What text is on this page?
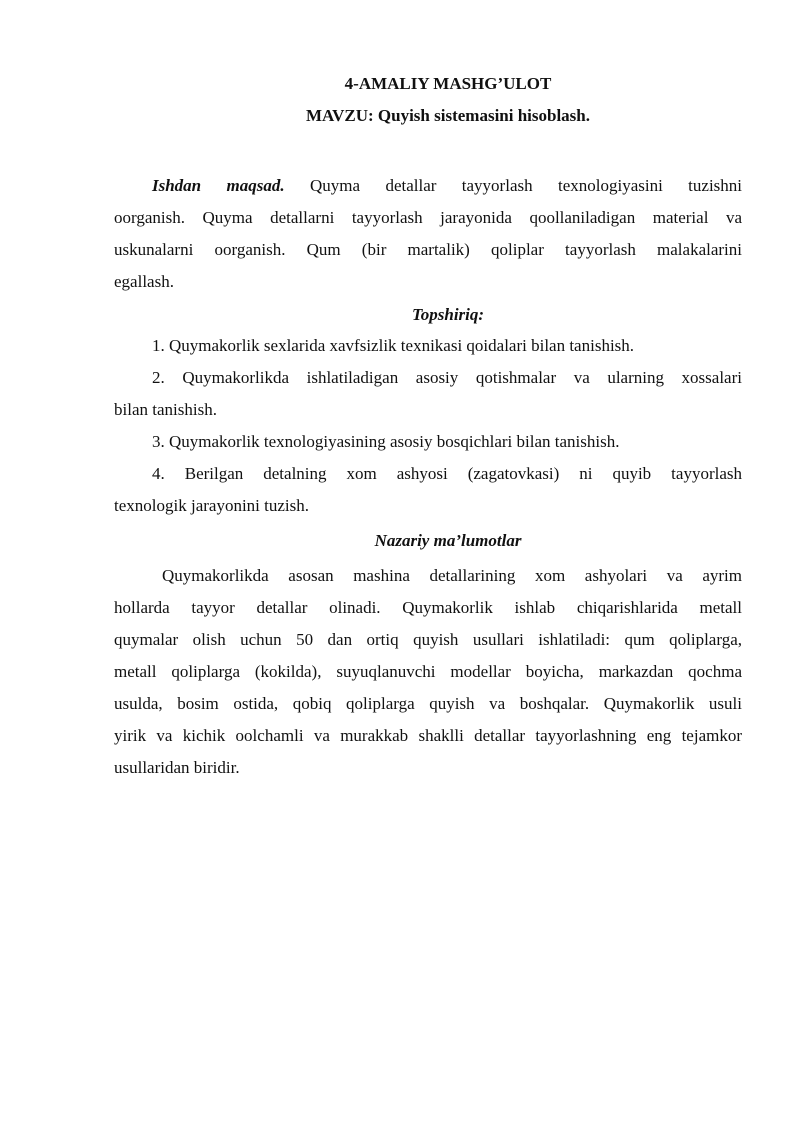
4-AMALIY MASHG’ULOT
MAVZU: Quyish sistemasini hisoblash.
Ishdan maqsad. Quyma detallar tayyorlash texnologiyasini tuzishni
oorganish. Quyma detallarni tayyorlash jarayonida qoollaniladigan material va
uskunalarni oorganish. Qum (bir martalik) qoliplar tayyorlash malakalarini
egallash.
Topshiriq:
1. Quymakorlik sexlarida xavfsizlik texnikasi qoidalari bilan tanishish.
2. Quymakorlikda ishlatiladigan asosiy qotishmalar va ularning xossalari
bilan tanishish.
3. Quymakorlik texnologiyasining asosiy bosqichlari bilan tanishish.
4. Berilgan detalning xom ashyosi (zagatovkasi) ni quyib tayyorlash
texnologik jarayonini tuzish.
Nazariy ma’lumotlar
Quymakorlikda asosan mashina detallarining xom ashyolari va ayrim
hollarda tayyor detallar olinadi. Quymakorlik ishlab chiqarishlarida metall
quymalar olish uchun 50 dan ortiq quyish usullari ishlatiladi: qum qoliplarga,
metall qoliplarga (kokilda), suyuqlanuvchi modellar boyicha, markazdan qochma
usulda, bosim ostida, qobiq qoliplarga quyish va boshqalar. Quymakorlik usuli
yirik va kichik oolchamli va murakkab shaklli detallar tayyorlashning eng tejamkor
usullaridan biridir.
